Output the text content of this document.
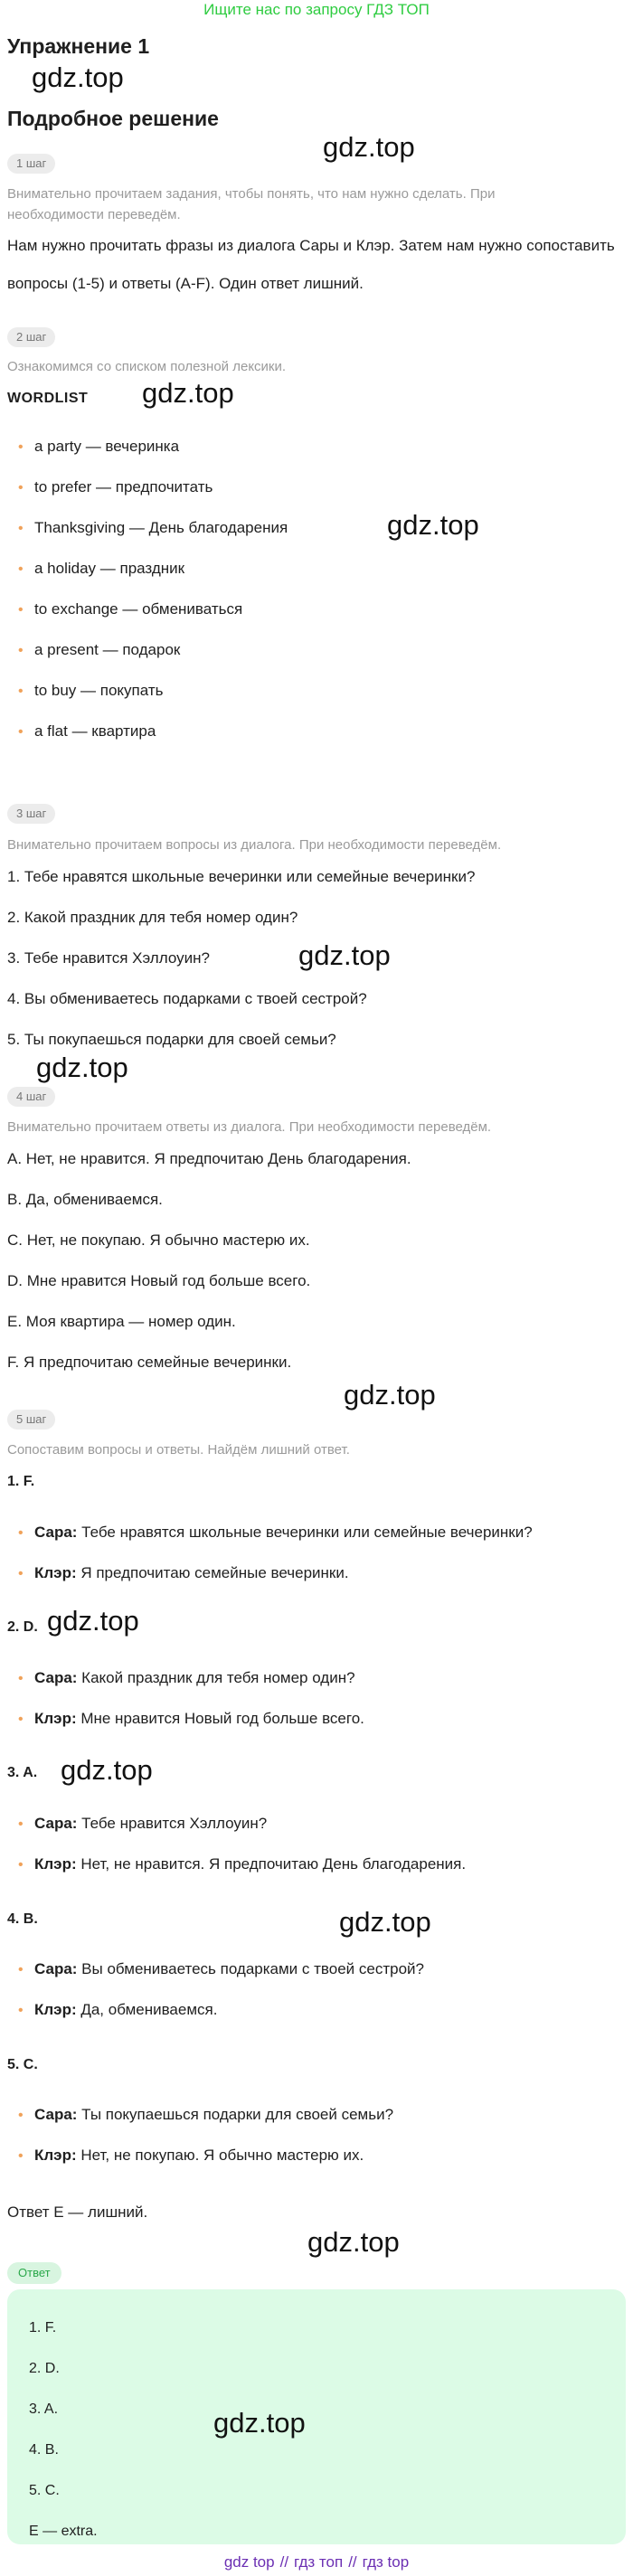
Ищите нас по запросу ГДЗ ТОП
Упражнение 1
gdz.top
Подробное решение
gdz.top
1 шаг
Внимательно прочитаем задания, чтобы понять, что нам нужно сделать. При необходимости переведём.
Нам нужно прочитать фразы из диалога Сары и Клэр. Затем нам нужно сопоставить вопросы (1-5) и ответы (A-F). Один ответ лишний.
2 шаг
Ознакомимся со списком полезной лексики.
WORDLIST gdz.top
• a party — вечеринка
• to prefer — предпочитать
• Thanksgiving — День благодарения	gdz.top
• a holiday — праздник
• to exchange — обмениваться
• a present — подарок
• to buy — покупать
• a flat — квартира
3 шаг
Внимательно прочитаем вопросы из диалога. При необходимости переведём.
1. Тебе нравятся школьные вечеринки или семейные вечеринки?
2. Какой праздник для тебя номер один?
3. Тебе нравится Хэллоуин?	gdz.top
4. Вы обмениваетесь подарками с твоей сестрой?
5. Ты покупаешься подарки для своей семьи?
gdz.top
4 шаг
Внимательно прочитаем ответы из диалога. При необходимости переведём.
A. Нет, не нравится. Я предпочитаю День благодарения.
B. Да, обмениваемся.
C. Нет, не покупаю. Я обычно мастерю их.
D. Мне нравится Новый год больше всего.
E. Моя квартира — номер один.
F. Я предпочитаю семейные вечеринки.
gdz.top
5 шаг
Сопоставим вопросы и ответы. Найдём лишний ответ.
1. F.
• Сара: Тебе нравятся школьные вечеринки или семейные вечеринки?
• Клэр: Я предпочитаю семейные вечеринки.
2. D. gdz.top
• Сара: Какой праздник для тебя номер один?
• Клэр: Мне нравится Новый год больше всего.
3. A. gdz.top
• Сара: Тебе нравится Хэллоуин?
• Клэр: Нет, не нравится. Я предпочитаю День благодарения.
gdz.top
4. B.
• Сара: Вы обмениваетесь подарками с твоей сестрой?
• Клэр: Да, обмениваемся.
5. C.
• Сара: Ты покупаешься подарки для своей семьи?
• Клэр: Нет, не покупаю. Я обычно мастерю их.
Ответ E — лишний.
gdz.top
Ответ
1. F.
2. D.
3. A.
4. B.
5. C.
E — extra.
gdz.top
gdz top // гдз топ // гдз top
